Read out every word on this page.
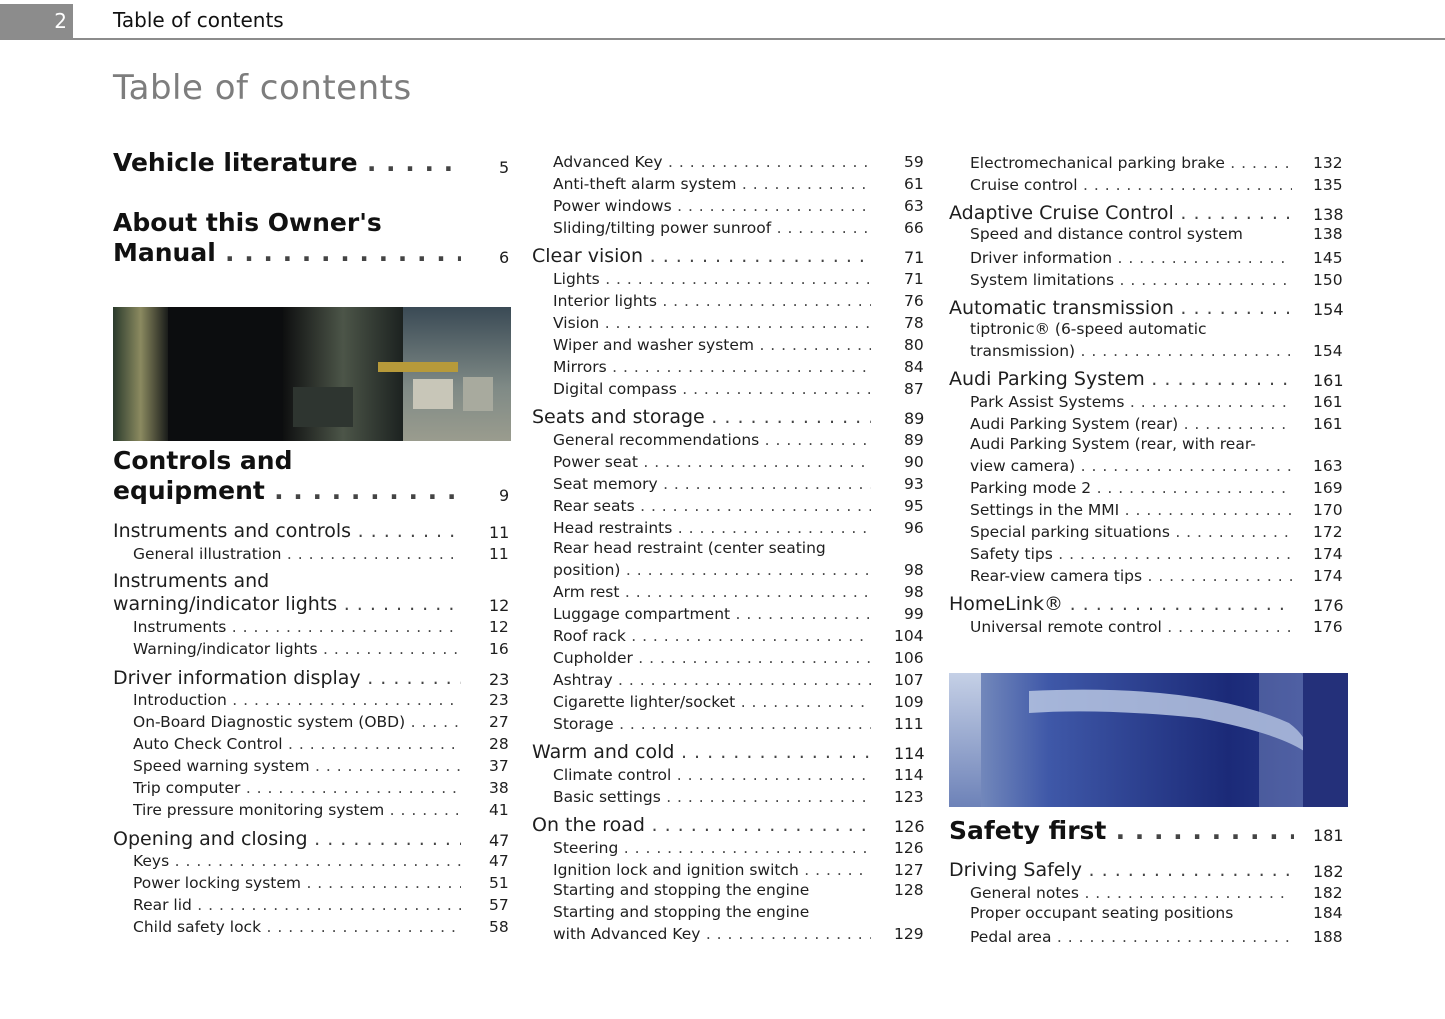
2	Table of contents
Table of contents
Vehicle literature . . .	5
About this Owner's
Manual . . .	6
Controls and
equipment . . .	9
Instruments and controls . . .	11
General illustration . . .	11
Instruments and
warning/indicator lights . . .	12
Instruments . . .	12
Warning/indicator lights . . .	16
Driver information display . . .	23
Introduction . . .	23
On-Board Diagnostic system (OBD) . . .	27
Auto Check Control . . .	28
Speed warning system . . .	37
Trip computer . . .	38
Tire pressure monitoring system . . .	41
Opening and closing . . .	47
Keys . . .	47
Power locking system . . .	51
Rear lid . . .	57
Child safety lock . . .	58
Advanced Key . . .	59
Anti-theft alarm system . . .	61
Power windows . . .	63
Sliding/tilting power sunroof . . .	66
Clear vision . . .	71
Lights . . .	71
Interior lights . . .	76
Vision . . .	78
Wiper and washer system . . .	80
Mirrors . . .	84
Digital compass . . .	87
Seats and storage . . .	89
General recommendations . . .	89
Power seat . . .	90
Seat memory . . .	93
Rear seats . . .	95
Head restraints . . .	96
Rear head restraint (center seating
position) . . .	98
Arm rest . . .	98
Luggage compartment . . .	99
Roof rack . . .	104
Cupholder . . .	106
Ashtray . . .	107
Cigarette lighter/socket . . .	109
Storage . . .	111
Warm and cold . . .	114
Climate control . . .	114
Basic settings . . .	123
On the road . . .	126
Steering . . .	126
Ignition lock and ignition switch . . .	127
Starting and stopping the engine	128
Starting and stopping the engine
with Advanced Key . . .	129
Electromechanical parking brake . . .	132
Cruise control . . .	135
Adaptive Cruise Control . . .	138
Speed and distance control system	138
Driver information . . .	145
System limitations . . .	150
Automatic transmission . . .	154
tiptronic® (6-speed automatic
transmission) . . .	154
Audi Parking System . . .	161
Park Assist Systems . . .	161
Audi Parking System (rear) . . .	161
Audi Parking System (rear, with rear-
view camera) . . .	163
Parking mode 2 . . .	169
Settings in the MMI . . .	170
Special parking situations . . .	172
Safety tips . . .	174
Rear-view camera tips . . .	174
HomeLink® . . .	176
Universal remote control . . .	176
Safety first . . .	181
Driving Safely . . .	182
General notes . . .	182
Proper occupant seating positions	184
Pedal area . . .	188
